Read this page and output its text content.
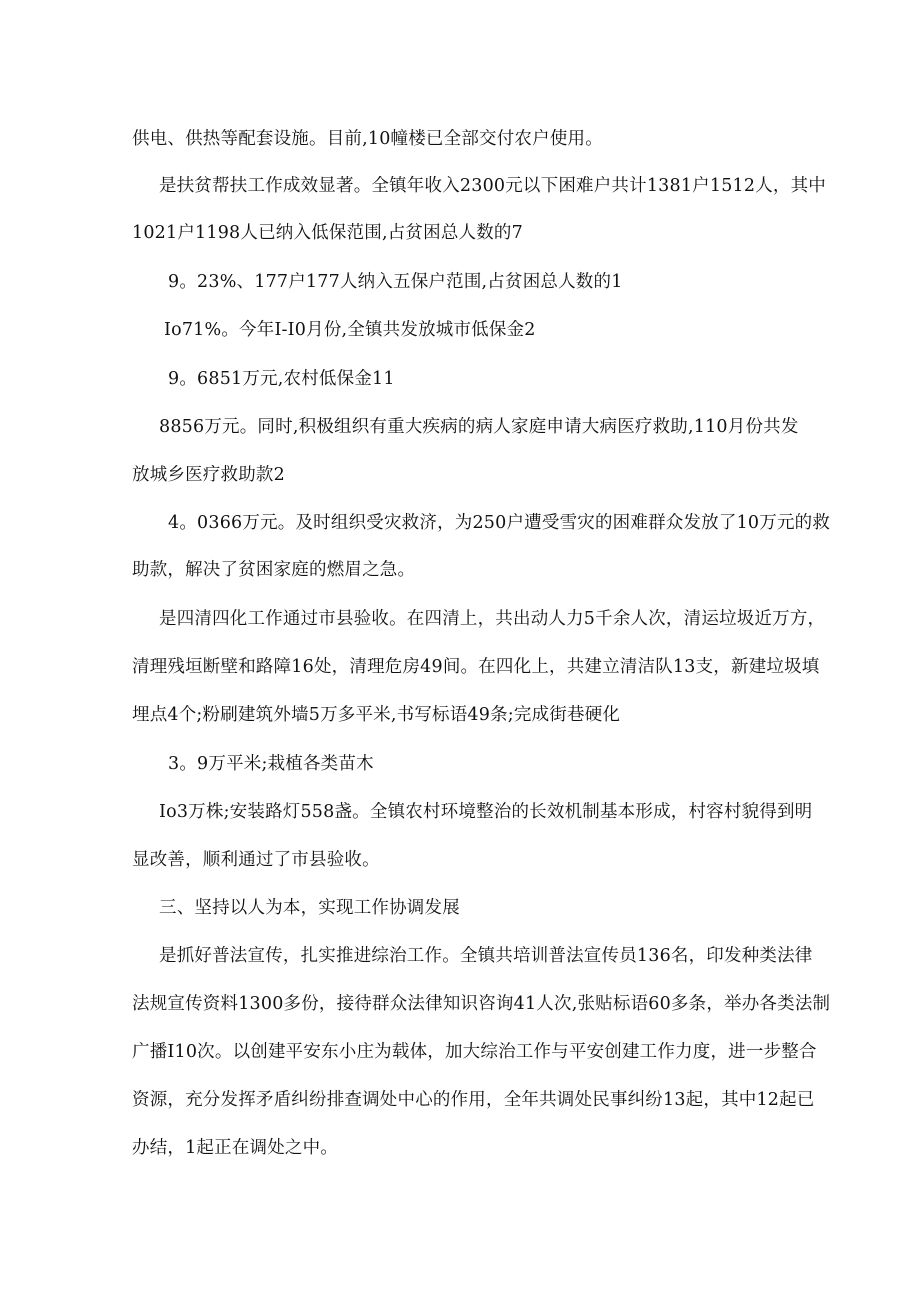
供电、供热等配套设施。目前,10幢楼已全部交付农户使用。
是扶贫帮扶工作成效显著。全镇年收入2300元以下困难户共计1381户1512人，其中
1021户1198人已纳入低保范围,占贫困总人数的7
9。23%、177户177人纳入五保户范围,占贫困总人数的1
Io71%。今年I-I0月份,全镇共发放城市低保金2
9。6851万元,农村低保金11
8856万元。同时,积极组织有重大疾病的病人家庭申请大病医疗救助,110月份共发
放城乡医疗救助款2
4。0366万元。及时组织受灾救济，为250户遭受雪灾的困难群众发放了10万元的救
助款，解决了贫困家庭的燃眉之急。
是四清四化工作通过市县验收。在四清上，共出动人力5千余人次，清运垃圾近万方，
清理残垣断壁和路障16处，清理危房49间。在四化上，共建立清洁队13支，新建垃圾填
埋点4个;粉刷建筑外墙5万多平米,书写标语49条;完成街巷硬化
3。9万平米;栽植各类苗木
Io3万株;安装路灯558盏。全镇农村环境整治的长效机制基本形成，村容村貌得到明
显改善，顺利通过了市县验收。
三、坚持以人为本，实现工作协调发展
是抓好普法宣传，扎实推进综治工作。全镇共培训普法宣传员136名，印发种类法律
法规宣传资料1300多份，接待群众法律知识咨询41人次,张贴标语60多条，举办各类法制
广播I10次。以创建平安东小庄为载体，加大综治工作与平安创建工作力度，进一步整合
资源，充分发挥矛盾纠纷排查调处中心的作用，全年共调处民事纠纷13起，其中12起已
办结，1起正在调处之中。
